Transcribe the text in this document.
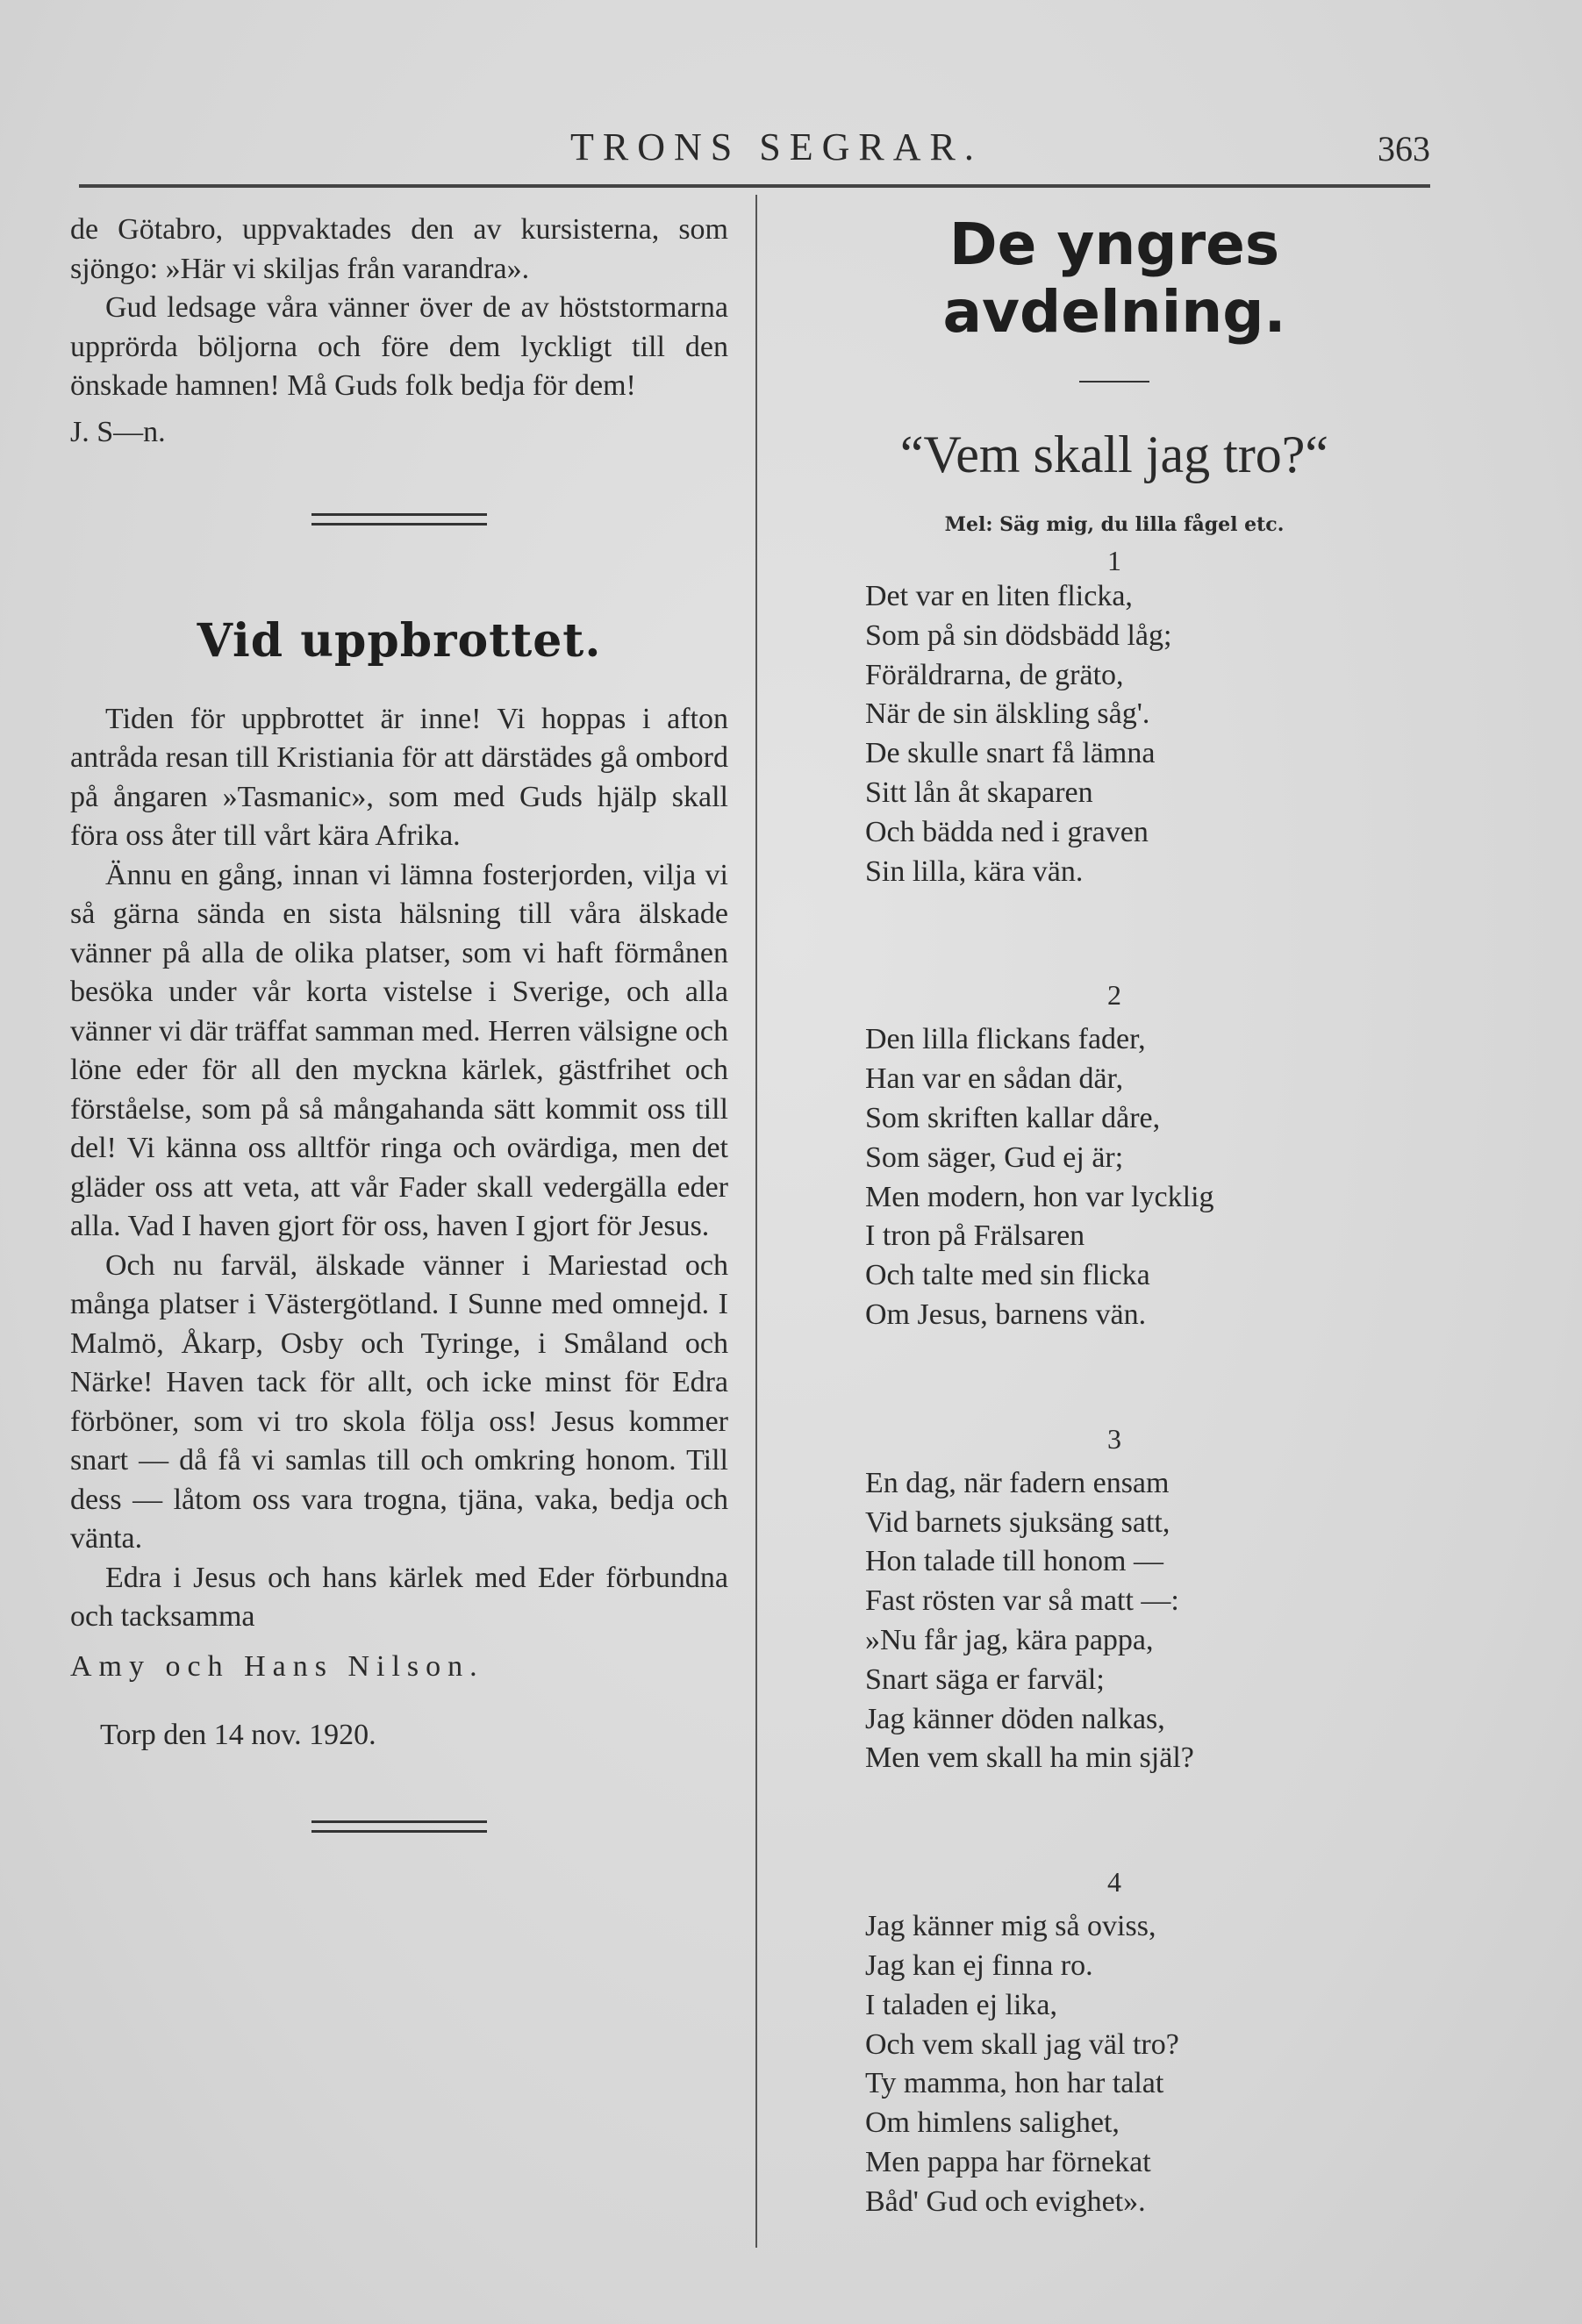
TRONS SEGRAR.	363

de Götabro, uppvaktades den av kursisterna, som sjöngo: »Här vi skiljas från varandra».

Gud ledsage våra vänner över de av höststormarna upprörda böljorna och före dem lyckligt till den önskade hamnen! Må Guds folk bedja för dem!

J. S—n.

Vid uppbrottet.

Tiden för uppbrottet är inne! Vi hoppas i afton antråda resan till Kristiania för att därstädes gå ombord på ångaren »Tasmanic», som med Guds hjälp skall föra oss åter till vårt kära Afrika.

Ännu en gång, innan vi lämna fosterjorden, vilja vi så gärna sända en sista hälsning till våra älskade vänner på alla de olika platser, som vi haft förmånen besöka under vår korta vistelse i Sverige, och alla vänner vi där träffat samman med. Herren välsigne och löne eder för all den myckna kärlek, gästfrihet och förståelse, som på så mångahanda sätt kommit oss till del! Vi känna oss alltför ringa och ovärdiga, men det gläder oss att veta, att vår Fader skall vedergälla eder alla. Vad I haven gjort för oss, haven I gjort för Jesus.

Och nu farväl, älskade vänner i Mariestad och många platser i Västergötland. I Sunne med omnejd. I Malmö, Åkarp, Osby och Tyringe, i Småland och Närke! Haven tack för allt, och icke minst för Edra förböner, som vi tro skola följa oss! Jesus kommer snart — då få vi samlas till och omkring honom. Till dess — låtom oss vara trogna, tjäna, vaka, bedja och vänta.

Edra i Jesus och hans kärlek med Eder förbundna och tacksamma

Amy och Hans Nilson.

Torp den 14 nov. 1920.

De yngres avdelning.
“Vem skall jag tro?“
Mel: Säg mig, du lilla fågel etc.
1
Det var en liten flicka,
Som på sin dödsbädd låg;
Föräldrarna, de gräto,
När de sin älskling såg'.
De skulle snart få lämna
Sitt lån åt skaparen
Och bädda ned i graven
Sin lilla, kära vän.
2
Den lilla flickans fader,
Han var en sådan där,
Som skriften kallar dåre,
Som säger, Gud ej är;
Men modern, hon var lycklig
I tron på Frälsaren
Och talte med sin flicka
Om Jesus, barnens vän.
3
En dag, när fadern ensam
Vid barnets sjuksäng satt,
Hon talade till honom —
Fast rösten var så matt —:
»Nu får jag, kära pappa,
Snart säga er farväl;
Jag känner döden nalkas,
Men vem skall ha min själ?
4
Jag känner mig så oviss,
Jag kan ej finna ro.
I taladen ej lika,
Och vem skall jag väl tro?
Ty mamma, hon har talat
Om himlens salighet,
Men pappa har förnekat
Båd' Gud och evighet».
